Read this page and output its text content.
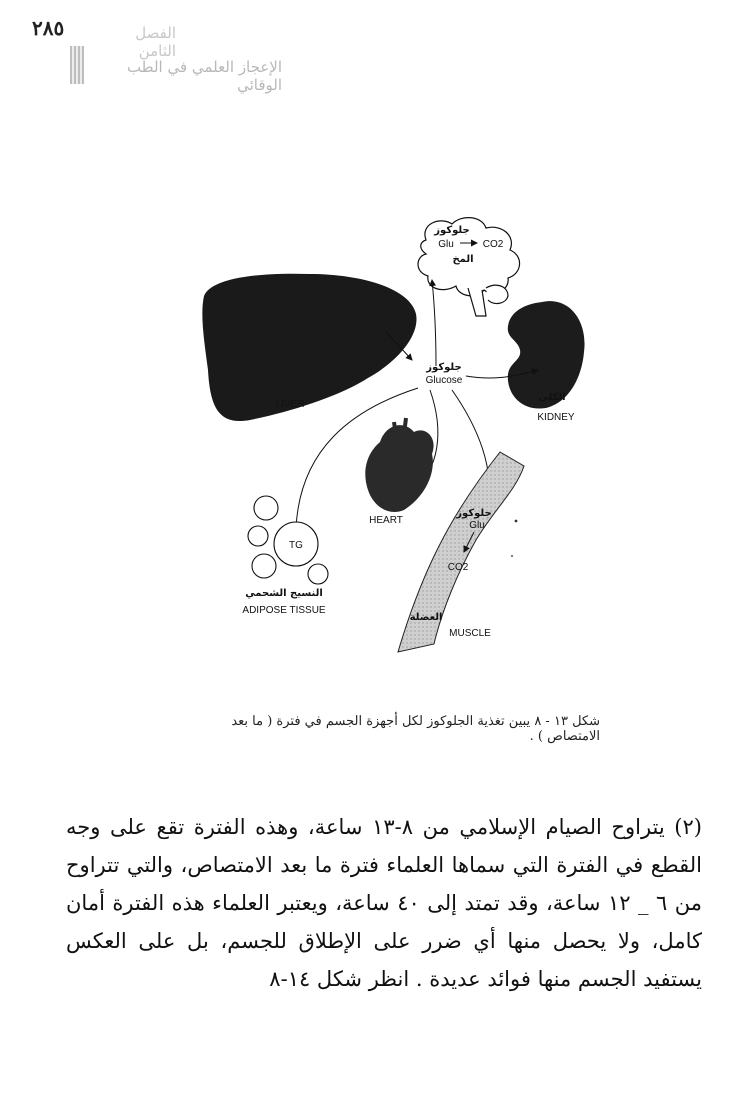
٢٨٥	الفصل الثامن
الإعجاز العلمي في الطب الوقائي
جلوكوز
Glu	CO2
المخ
LIVER
الكلى
KIDNEY
جلوكوز
Glucose
HEART
جلوكوز
Glu
CO2
العضلة
MUSCLE
TG
النسيج الشحمي
ADIPOSE TISSUE
شكل ١٣ - ٨ يبين تغذية الجلوكوز لكل أجهزة الجسم في فترة ( ما بعد الامتصاص ) .
(٢) يتراوح الصيام الإسلامي من ٨-١٣ ساعة، وهذه الفترة تقع على وجه القطع في الفترة التي سماها العلماء فترة ما بعد الامتصاص، والتي تتراوح من ٦ _ ١٢ ساعة، وقد تمتد إلى ٤٠ ساعة، ويعتبر العلماء هذه الفترة أمان كامل، ولا يحصل منها أي ضرر على الإطلاق للجسم، بل على العكس يستفيد الجسم منها فوائد عديدة . انظر شكل ١٤-٨
